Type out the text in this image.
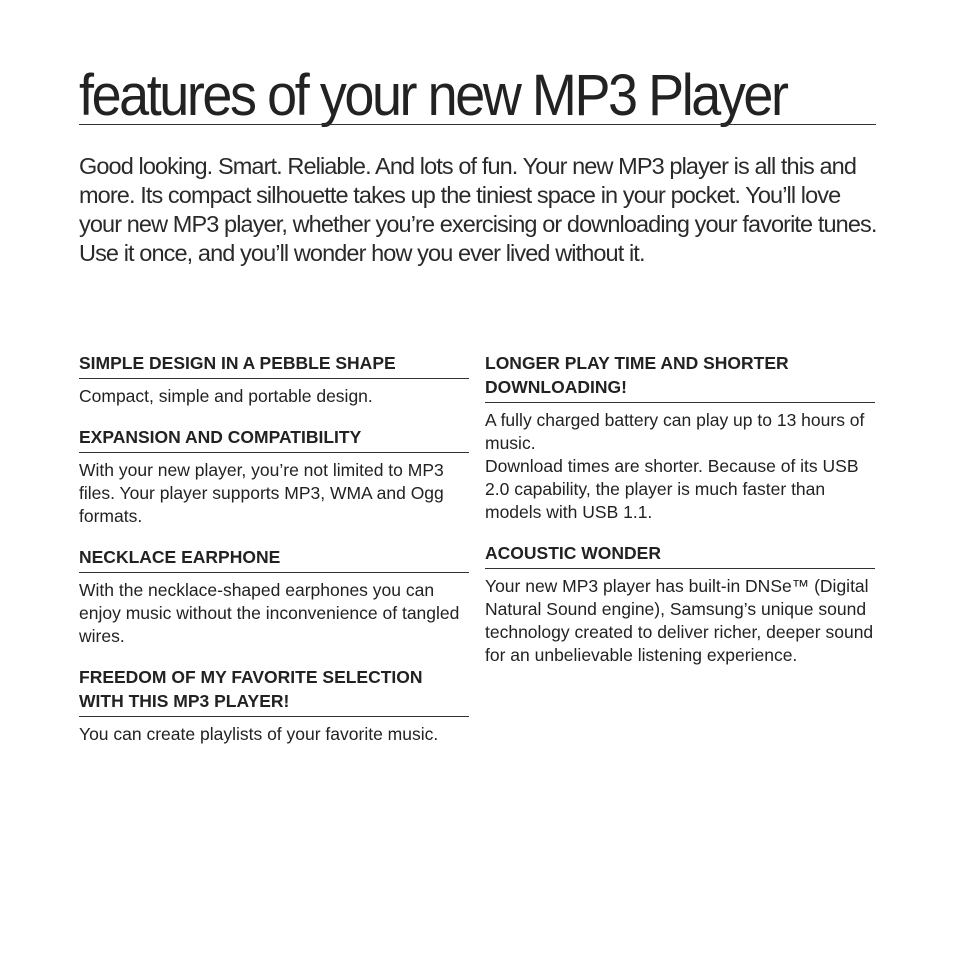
features of your new MP3 Player

Good looking. Smart. Reliable. And lots of fun. Your new MP3 player is all this and more. Its compact silhouette takes up the tiniest space in your pocket. You’ll love your new MP3 player, whether you’re exercising or downloading your favorite tunes.

Use it once, and you’ll wonder how you ever lived without it.

SIMPLE DESIGN IN A PEBBLE SHAPE

Compact, simple and portable design.

EXPANSION AND COMPATIBILITY

With your new player, you’re not limited to MP3 files. Your player supports MP3, WMA and Ogg formats.

NECKLACE EARPHONE

With the necklace-shaped earphones you can enjoy music without the inconvenience of tangled wires.

FREEDOM OF MY FAVORITE SELECTION WITH THIS MP3 PLAYER!

You can create playlists of your favorite music.

LONGER PLAY TIME AND SHORTER DOWNLOADING!

A fully charged battery can play up to 13 hours of music.

Download times are shorter. Because of its USB 2.0 capability, the player is much faster than models with USB 1.1.

ACOUSTIC WONDER

Your new MP3 player has built-in DNSe™ (Digital Natural Sound engine), Samsung’s unique sound technology created to deliver richer, deeper sound for an unbelievable listening experience.
